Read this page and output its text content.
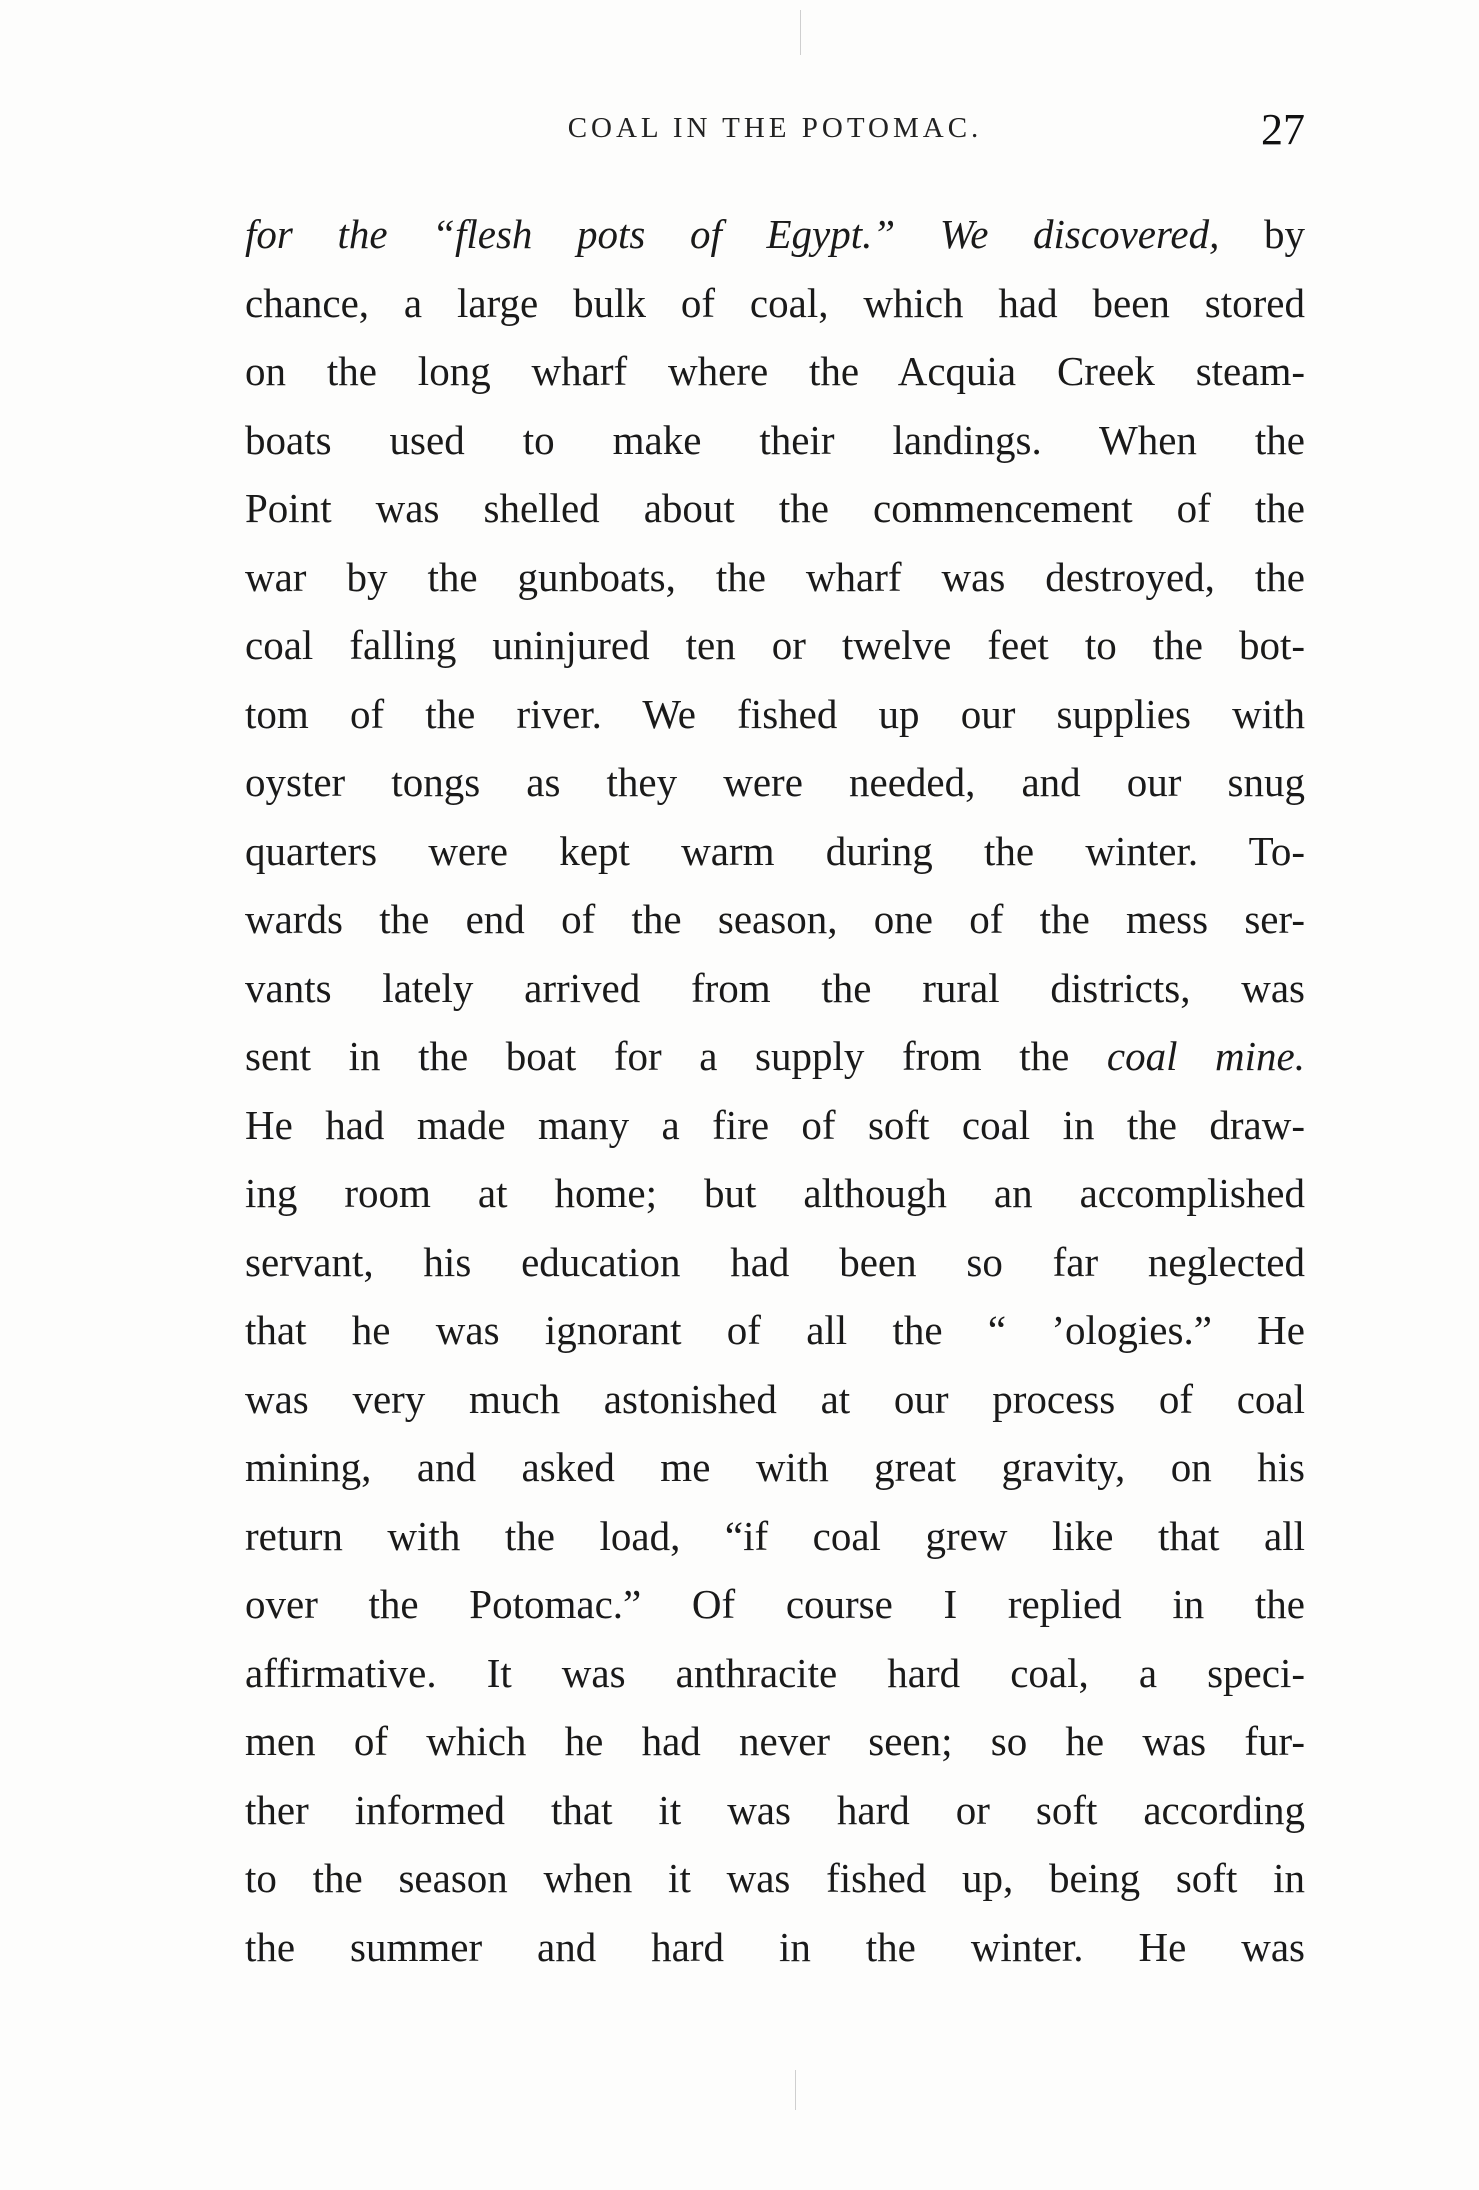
COAL IN THE POTOMAC.	27
for the “flesh pots of Egypt.” We discovered, by
chance, a large bulk of coal, which had been stored
on the long wharf where the Acquia Creek steam-
boats used to make their landings. When the
Point was shelled about the commencement of the
war by the gunboats, the wharf was destroyed, the
coal falling uninjured ten or twelve feet to the bot-
tom of the river. We fished up our supplies with
oyster tongs as they were needed, and our snug
quarters were kept warm during the winter. To-
wards the end of the season, one of the mess ser-
vants lately arrived from the rural districts, was
sent in the boat for a supply from the coal mine.
He had made many a fire of soft coal in the draw-
ing room at home; but although an accomplished
servant, his education had been so far neglected
that he was ignorant of all the “ ’ologies.” He
was very much astonished at our process of coal
mining, and asked me with great gravity, on his
return with the load, “if coal grew like that all
over the Potomac.” Of course I replied in the
affirmative. It was anthracite hard coal, a speci-
men of which he had never seen; so he was fur-
ther informed that it was hard or soft according
to the season when it was fished up, being soft in
the summer and hard in the winter. He was
